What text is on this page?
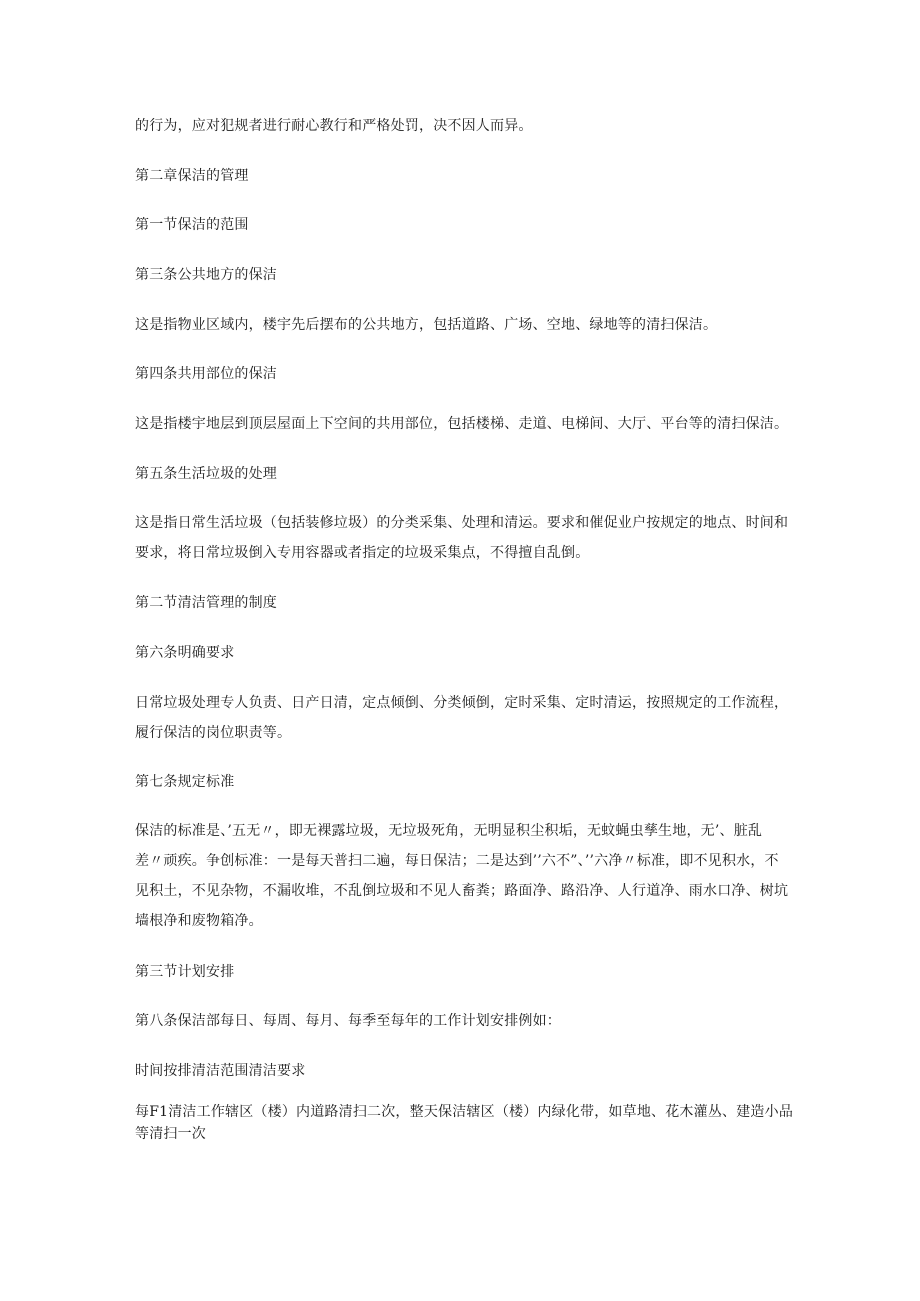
的行为，应对犯规者进行耐心教行和严格处罚，决不因人而异。

第二章保洁的管理

第一节保洁的范围

第三条公共地方的保洁

这是指物业区域内，楼宇先后摆布的公共地方，包括道路、广场、空地、绿地等的清扫保洁。

第四条共用部位的保洁

这是指楼宇地层到顶层屋面上下空间的共用部位，包括楼梯、走道、电梯间、大厅、平台等的清扫保洁。

第五条生活垃圾的处理

这是指日常生活垃圾（包括装修垃圾）的分类采集、处理和清运。要求和催促业户按规定的地点、时间和
要求，将日常垃圾倒入专用容器或者指定的垃圾采集点，不得擅自乱倒。

第二节清洁管理的制度

第六条明确要求

日常垃圾处理专人负责、日产日清，定点倾倒、分类倾倒，定时采集、定时清运，按照规定的工作流程，
履行保洁的岗位职责等。

第七条规定标准

保洁的标准是、’五无〃，即无裸露垃圾，无垃圾死角，无明显积尘积垢，无蚊蝇虫孳生地，无’、脏乱
差〃顽疾。争创标准：一是每天普扫二遍，每日保洁；二是达到’’六不”、’’六净〃标准，即不见积水，不
见积土，不见杂物，不漏收堆，不乱倒垃圾和不见人畜粪；路面净、路沿净、人行道净、雨水口净、树坑
墙根净和废物箱净。

第三节计划安排

第八条保洁部每日、每周、每月、每季至每年的工作计划安排例如：

时间按排清洁范围清洁要求

每F1清洁工作辖区（楼）内道路清扫二次，整天保洁辖区（楼）内绿化带，如草地、花木灌丛、建造小品
等清扫一次
